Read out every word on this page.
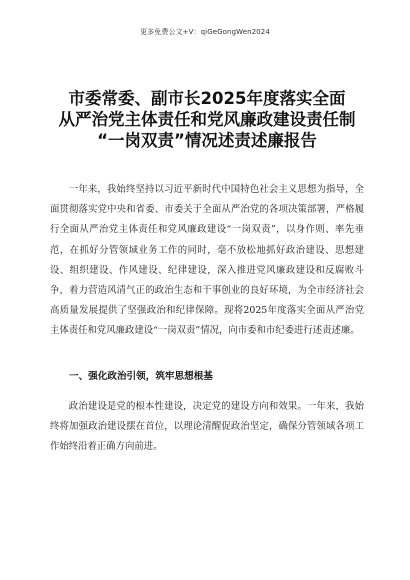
更多免费公文+V：qiGeGongWen2024
市委常委、副市长2025年度落实全面
从严治党主体责任和党风廉政建设责任制
“一岗双责”情况述责述廉报告

一年来，我始终坚持以习近平新时代中国特色社会主义思想为指导，全面贯彻落实党中央和省委、市委关于全面从严治党的各项决策部署，严格履行全面从严治党主体责任和党风廉政建设“一岗双责”，以身作则、率先垂范，在抓好分管领域业务工作的同时，毫不放松地抓好政治建设、思想建设、组织建设、作风建设、纪律建设，深入推进党风廉政建设和反腐败斗争，着力营造风清气正的政治生态和干事创业的良好环境，为全市经济社会高质量发展提供了坚强政治和纪律保障。现将2025年度落实全面从严治党主体责任和党风廉政建设“一岗双责”情况，向市委和市纪委进行述责述廉。

一、强化政治引领，筑牢思想根基

政治建设是党的根本性建设，决定党的建设方向和效果。一年来，我始终将加强政治建设摆在首位，以理论清醒促政治坚定，确保分管领域各项工作始终沿着正确方向前进。
